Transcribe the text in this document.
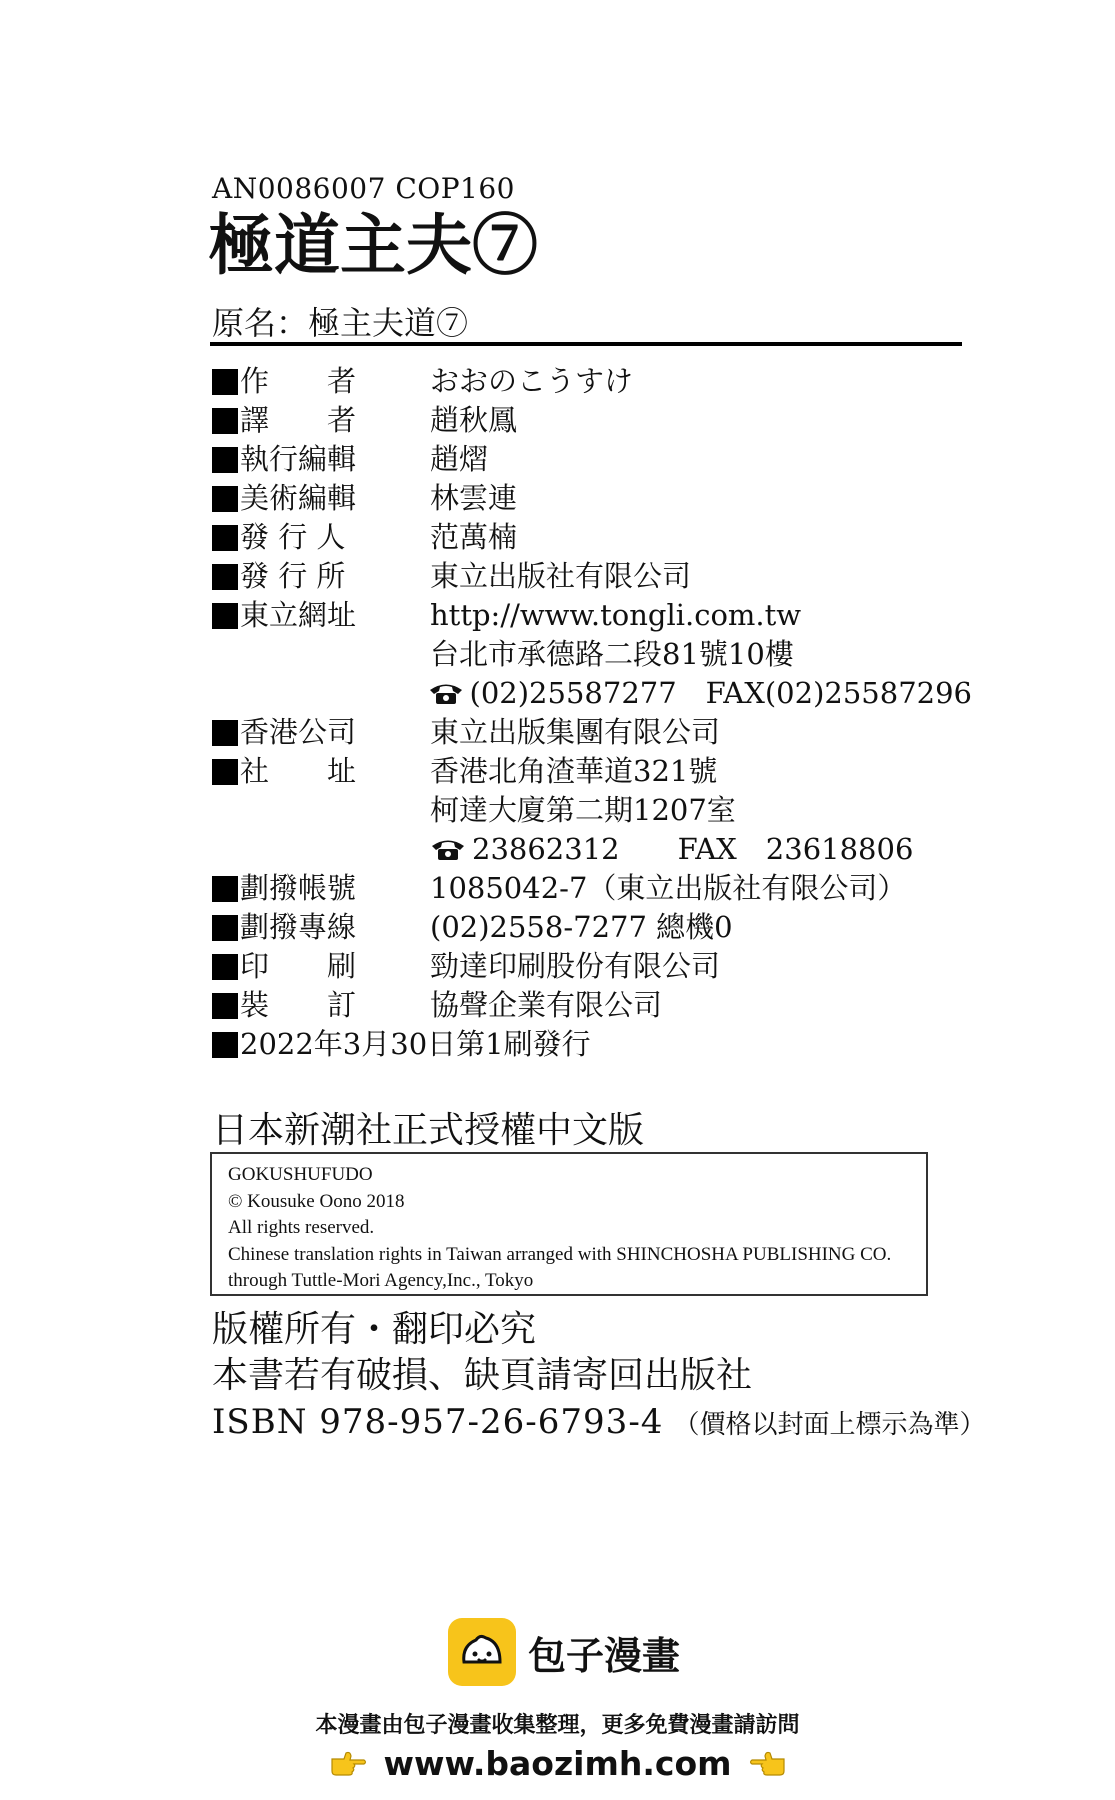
AN0086007 COP160
極道主夫⑦
原名：極主夫道⑦
作　　者	おおのこうすけ
譯　　者	趙秋鳳
執行編輯	趙熠
美術編輯	林雲連
發 行 人	范萬楠
發 行 所	東立出版社有限公司
東立網址	http://www.tongli.com.tw
台北市承德路二段81號10樓
(02)25587277　FAX(02)25587296
香港公司	東立出版集團有限公司
社　　址	香港北角渣華道321號
柯達大廈第二期1207室
23862312　　FAX　23618806
劃撥帳號	1085042-7（東立出版社有限公司）
劃撥專線	(02)2558-7277 總機0
印　　刷	勁達印刷股份有限公司
裝　　訂	協聲企業有限公司
2022年3月30日第1刷發行
日本新潮社正式授權中文版
GOKUSHUFUDO
© Kousuke Oono 2018
All rights reserved.
Chinese translation rights in Taiwan arranged with SHINCHOSHA PUBLISHING CO.
through Tuttle-Mori Agency,Inc., Tokyo
版權所有・翻印必究
本書若有破損、缺頁請寄回出版社
ISBN 978-957-26-6793-4 （價格以封面上標示為準）
包子漫畫
本漫畫由包子漫畫收集整理，更多免費漫畫請訪問
www.baozimh.com
